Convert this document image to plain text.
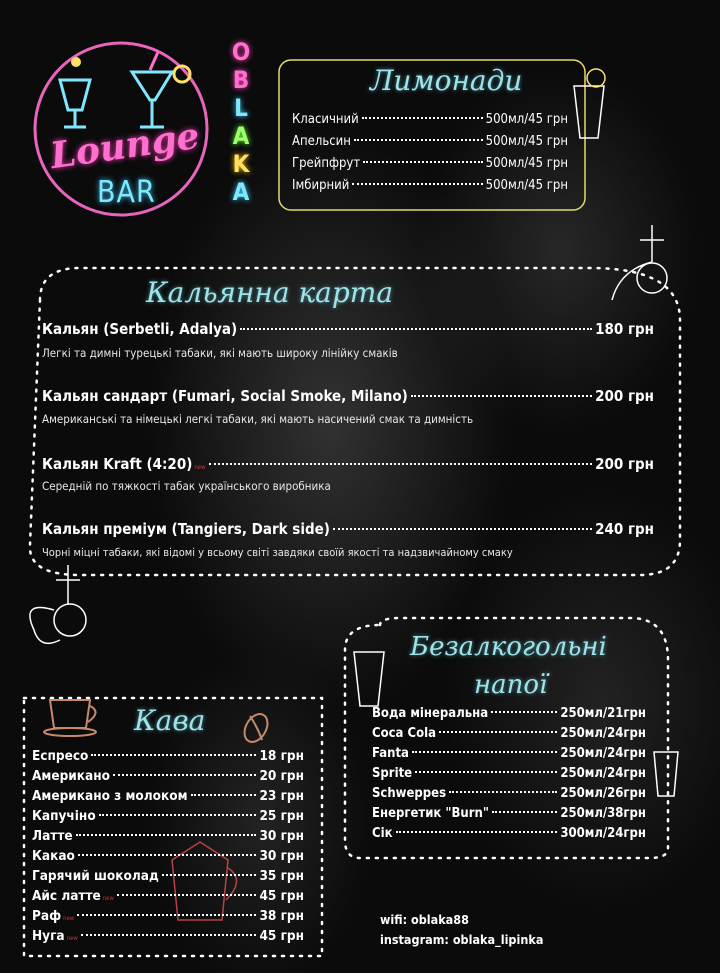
Lounge
BAR
O
B
L
A
K
A
Лимонади
Класичний	500мл/45 грн
Апельсин	500мл/45 грн
Грейпфрут	500мл/45 грн
Імбирний	500мл/45 грн
Кальянна карта
Кальян (Serbetli, Adalya)	180 грн
Легкі та димні турецькі табаки, які мають широку лінійку смаків
Кальян сандарт (Fumari, Social Smoke, Milano)	200 грн
Американські та німецькі легкі табаки, які мають насичений смак та димність
Кальян Kraft (4:20) new	200 грн
Середній по тяжкості табак українського виробника
Кальян преміум (Tangiers, Dark side)	240 грн
Чорні міцні табаки, які відомі у всьому світі завдяки своїй якості та надзвичайному смаку
Безалкогольні
напої
Вода мінеральна	250мл/21грн
Coca Cola	250мл/24грн
Fanta	250мл/24грн
Sprite	250мл/24грн
Schweppes	250мл/26грн
Енергетик "Burn"	250мл/38грн
Сік	300мл/24грн
Кава
Еспресо	18 грн
Американо	20 грн
Американо з молоком	23 грн
Капучіно	25 грн
Латте	30 грн
Какао	30 грн
Гарячий шоколад	35 грн
Айс латте new	45 грн
Раф new	38 грн
Нуга new	45 грн
wifi: oblaka88
instagram: oblaka_lipinka
